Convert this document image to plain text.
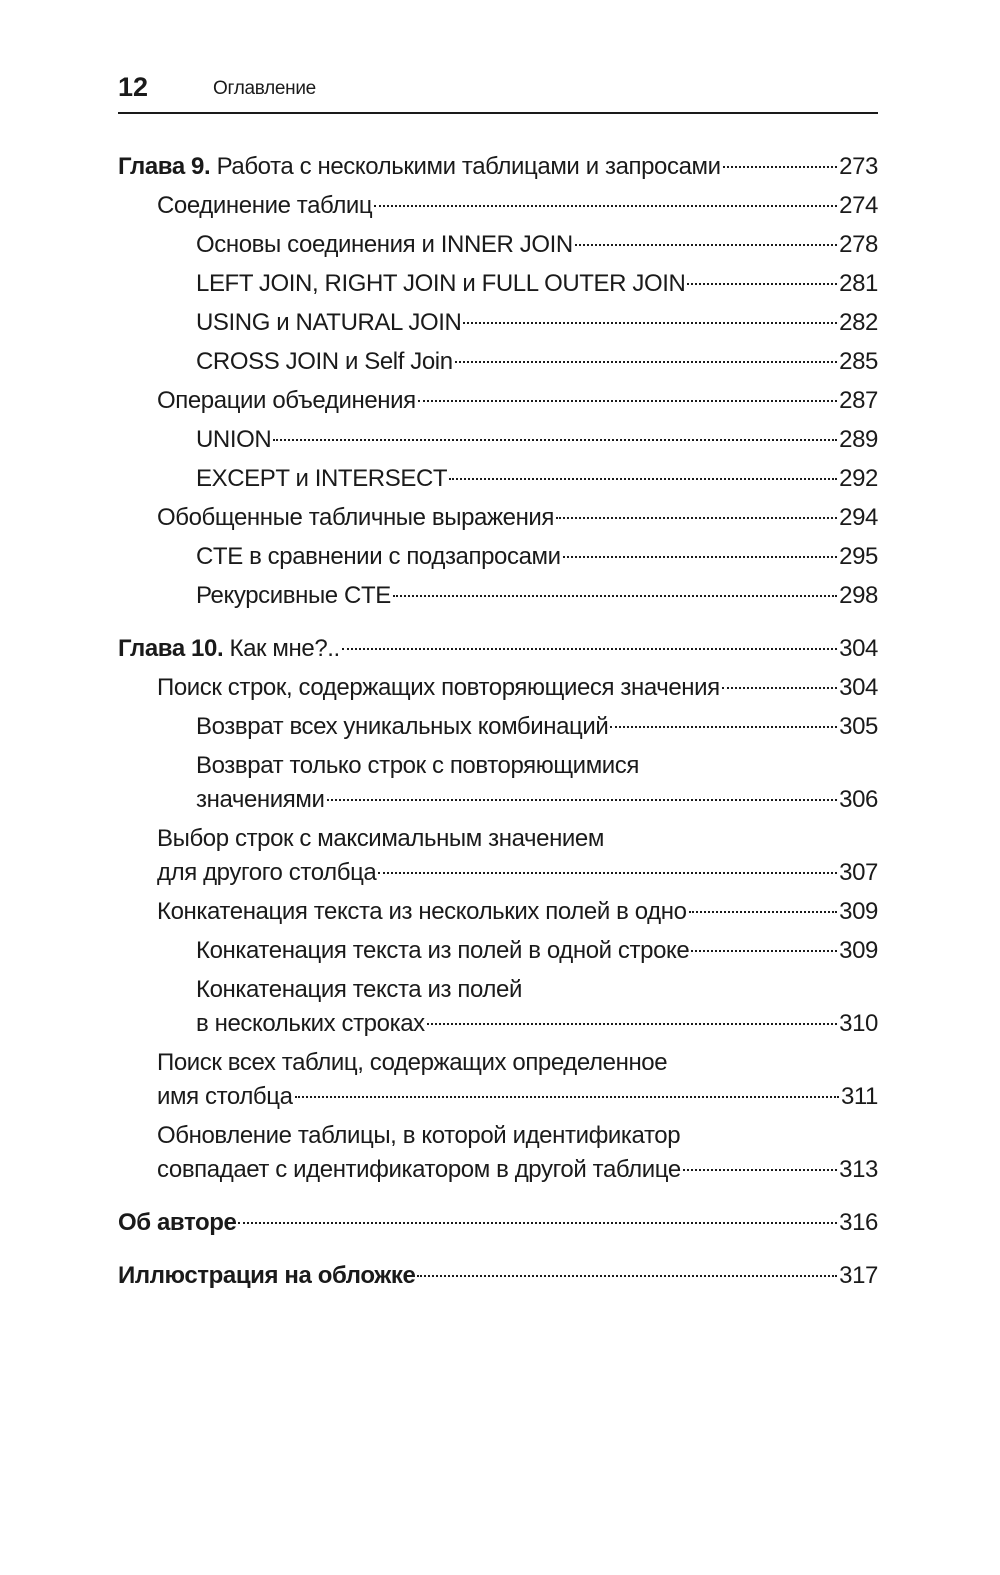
12	Оглавление
Глава 9. Работа с несколькими таблицами и запросами	273
Соединение таблиц	274
Основы соединения и INNER JOIN	278
LEFT JOIN, RIGHT JOIN и FULL OUTER JOIN	281
USING и NATURAL JOIN	282
CROSS JOIN и Self Join	285
Операции объединения	287
UNION	289
EXCEPT и INTERSECT	292
Обобщенные табличные выражения	294
CTE в сравнении с подзапросами	295
Рекурсивные CTE	298
Глава 10. Как мне?..	304
Поиск строк, содержащих повторяющиеся значения	304
Возврат всех уникальных комбинаций	305
Возврат только строк с повторяющимися
значениями	306
Выбор строк с максимальным значением
для другого столбца	307
Конкатенация текста из нескольких полей в одно	309
Конкатенация текста из полей в одной строке	309
Конкатенация текста из полей
в нескольких строках	310
Поиск всех таблиц, содержащих определенное
имя столбца	311
Обновление таблицы, в которой идентификатор
совпадает с идентификатором в другой таблице	313
Об авторе	316
Иллюстрация на обложке	317
